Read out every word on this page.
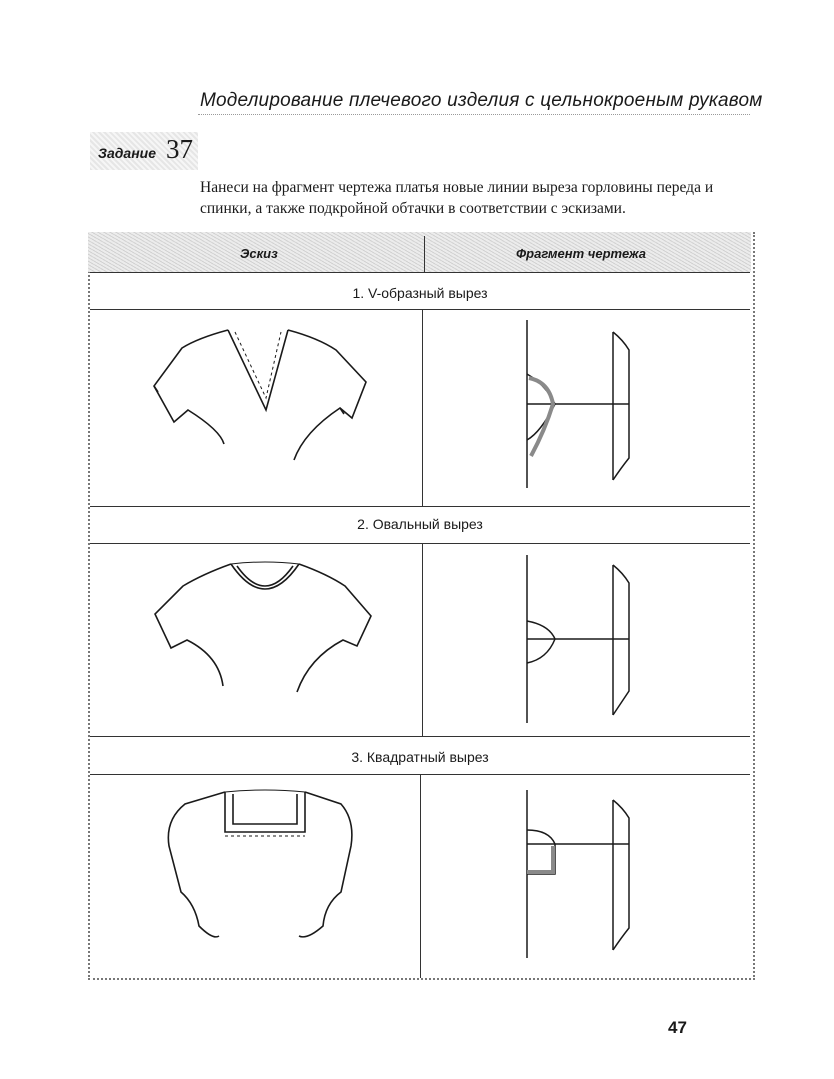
Моделирование плечевого изделия с цельнокроеным рукавом
Задание 37
Нанеси на фрагмент чертежа платья новые линии выреза горловины переда и спинки, а также подкройной обтачки в соответствии с эскизами.
Эскиз	Фрагмент чертежа
1. V-образный вырез
2. Овальный вырез
3. Квадратный вырез
47
